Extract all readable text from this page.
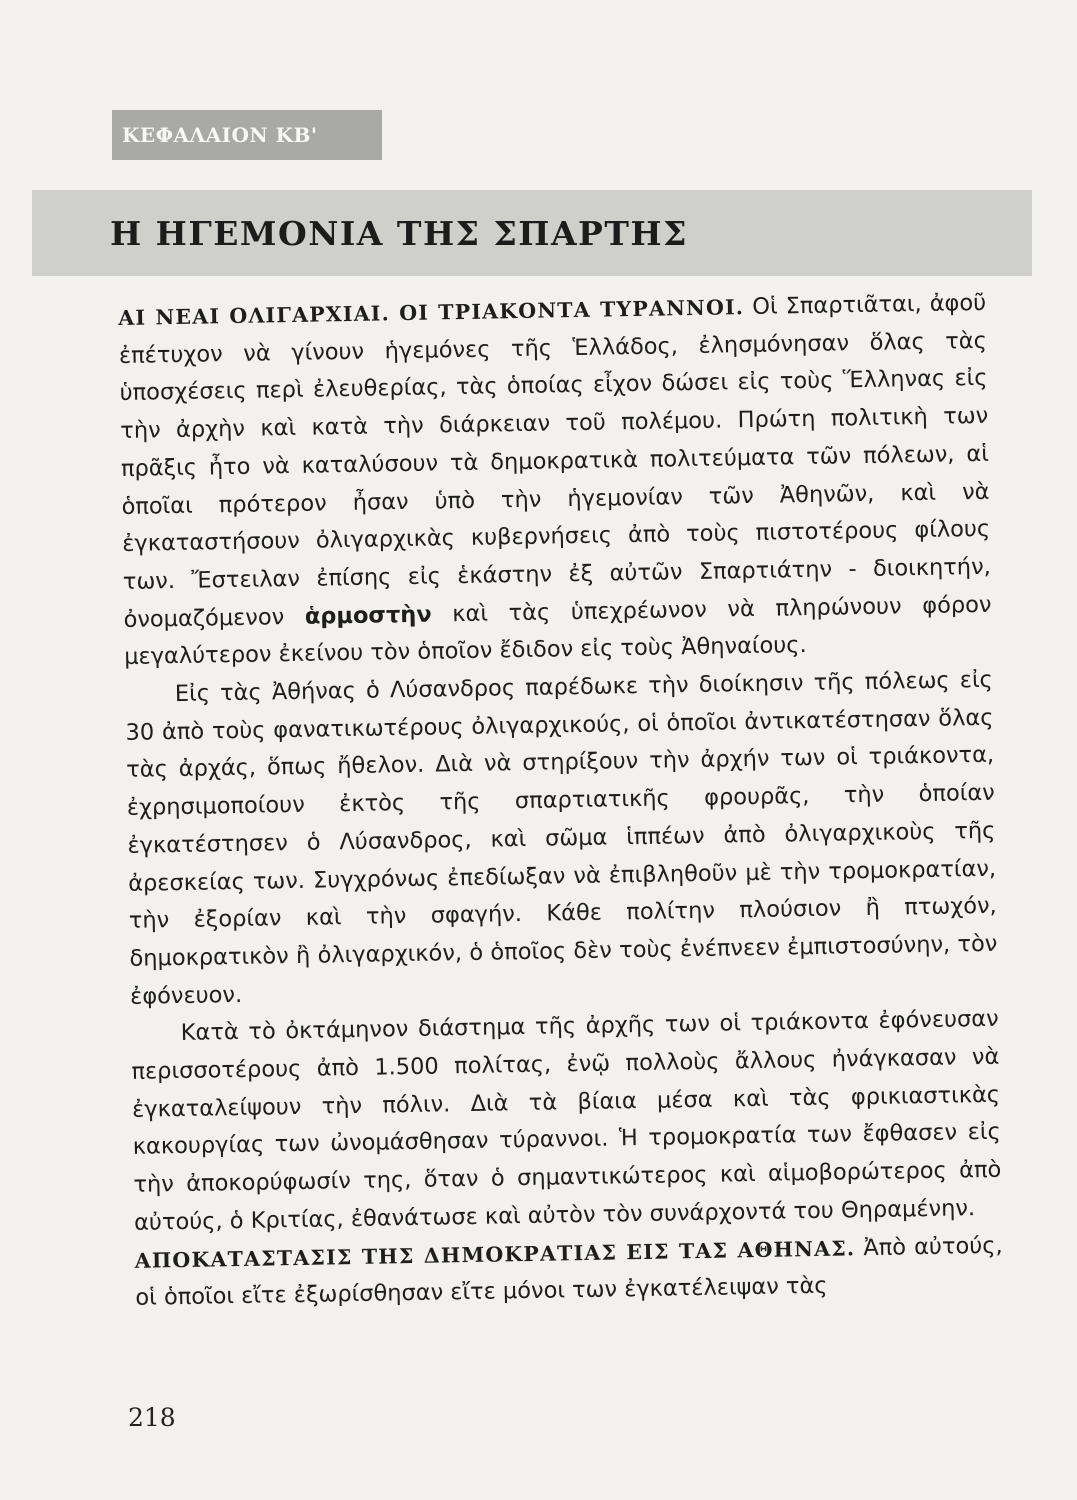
ΚΕΦΑΛΑΙΟΝ ΚΒ'
Η ΗΓΕΜΟΝΙΑ ΤΗΣ ΣΠΑΡΤΗΣ

ΑΙ ΝΕΑΙ ΟΛΙΓΑΡΧΙΑΙ. ΟΙ ΤΡΙΑΚΟΝΤΑ ΤΥΡΑΝΝΟΙ. Οἱ Σπαρτιᾶται, ἀφοῦ ἐπέτυχον νὰ γίνουν ἡγεμόνες τῆς Ἑλλάδος, ἐλησμόνησαν ὅλας τὰς ὑποσχέσεις περὶ ἐλευθερίας, τὰς ὁποίας εἶχον δώσει εἰς τοὺς Ἕλληνας εἰς τὴν ἀρχὴν καὶ κατὰ τὴν διάρκειαν τοῦ πολέμου. Πρώτη πολιτικὴ των πρᾶξις ἦτο νὰ καταλύσουν τὰ δημοκρατικὰ πολιτεύματα τῶν πόλεων, αἱ ὁποῖαι πρότερον ἦσαν ὑπὸ τὴν ἡγεμονίαν τῶν Ἀθηνῶν, καὶ νὰ ἐγκαταστήσουν ὀλιγαρχικὰς κυβερνήσεις ἀπὸ τοὺς πιστοτέρους φίλους των. Ἔστειλαν ἐπίσης εἰς ἑκάστην ἐξ αὐτῶν Σπαρτιάτην - διοικητήν, ὀνομαζόμενον ἁρμοστὴν καὶ τὰς ὑπεχρέωνον νὰ πληρώνουν φόρον μεγαλύτερον ἐκείνου τὸν ὁποῖον ἔδιδον εἰς τοὺς Ἀθηναίους.

Εἰς τὰς Ἀθήνας ὁ Λύσανδρος παρέδωκε τὴν διοίκησιν τῆς πόλεως εἰς 30 ἀπὸ τοὺς φανατικωτέρους ὀλιγαρχικούς, οἱ ὁποῖοι ἀντικατέστησαν ὅλας τὰς ἀρχάς, ὅπως ἤθελον. Διὰ νὰ στηρίξουν τὴν ἀρχήν των οἱ τριάκοντα, ἐχρησιμοποίουν ἐκτὸς τῆς σπαρτιατικῆς φρουρᾶς, τὴν ὁποίαν ἐγκατέστησεν ὁ Λύσανδρος, καὶ σῶμα ἱππέων ἀπὸ ὀλιγαρχικοὺς τῆς ἀρεσκείας των. Συγχρόνως ἐπεδίωξαν νὰ ἐπιβληθοῦν μὲ τὴν τρομοκρατίαν, τὴν ἐξορίαν καὶ τὴν σφαγήν. Κάθε πολίτην πλούσιον ἢ πτωχόν, δημοκρατικὸν ἢ ὀλιγαρχικόν, ὁ ὁποῖος δὲν τοὺς ἐνέπνεεν ἐμπιστοσύνην, τὸν ἐφόνευον.

Κατὰ τὸ ὀκτάμηνον διάστημα τῆς ἀρχῆς των οἱ τριάκοντα ἐφόνευσαν περισσοτέρους ἀπὸ 1.500 πολίτας, ἐνῷ πολλοὺς ἄλλους ἠνάγκασαν νὰ ἐγκαταλείψουν τὴν πόλιν. Διὰ τὰ βίαια μέσα καὶ τὰς φρικιαστικὰς κακουργίας των ὠνομάσθησαν τύραννοι. Ἡ τρομοκρατία των ἔφθασεν εἰς τὴν ἀποκορύφωσίν της, ὅταν ὁ σημαντικώτερος καὶ αἱμοβορώτερος ἀπὸ αὐτούς, ὁ Κριτίας, ἐθανάτωσε καὶ αὐτὸν τὸν συνάρχοντά του Θηραμένην.

ΑΠΟΚΑΤΑΣΤΑΣΙΣ ΤΗΣ ΔΗΜΟΚΡΑΤΙΑΣ ΕΙΣ ΤΑΣ ΑΘΗΝΑΣ. Ἀπὸ αὐτούς, οἱ ὁποῖοι εἴτε ἐξωρίσθησαν εἴτε μόνοι των ἐγκατέλειψαν τὰς

218
